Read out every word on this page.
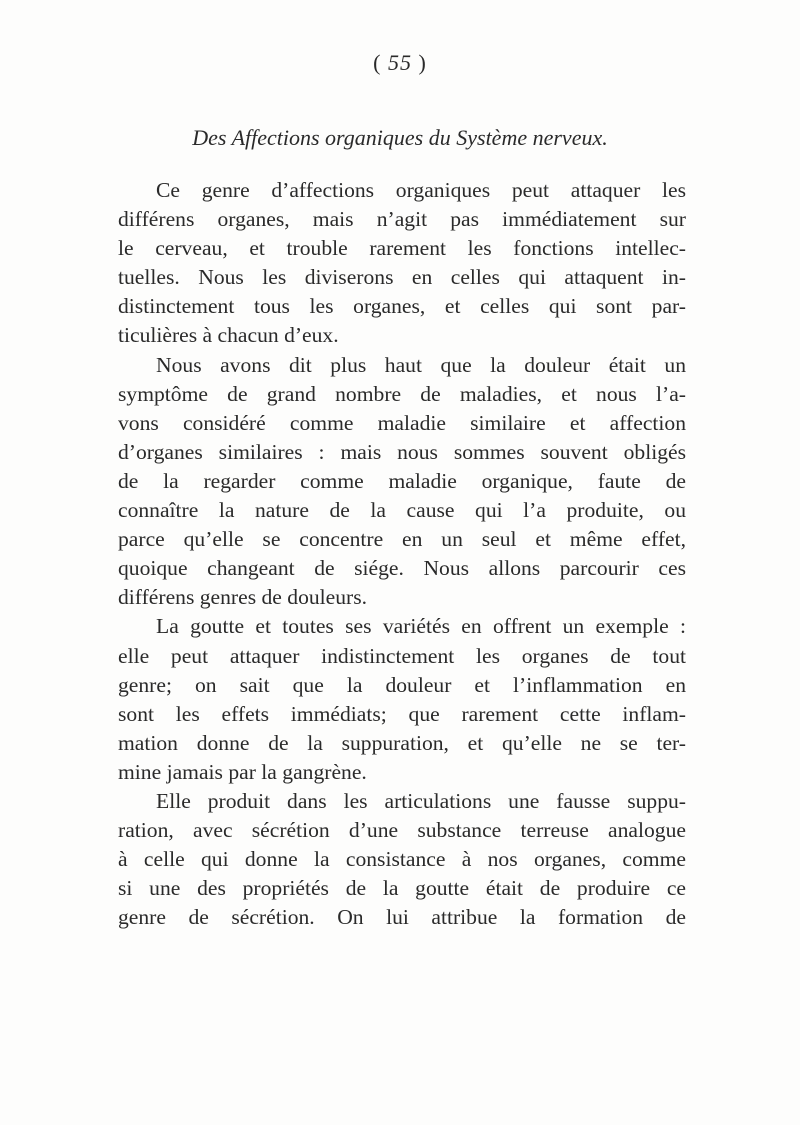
( 55 )
Des Affections organiques du Système nerveux.

Ce genre d’affections organiques peut attaquer les
différens organes, mais n’agit pas immédiatement sur
le cerveau, et trouble rarement les fonctions intellec-
tuelles. Nous les diviserons en celles qui attaquent in-
distinctement tous les organes, et celles qui sont par-
ticulières à chacun d’eux.

Nous avons dit plus haut que la douleur était un
symptôme de grand nombre de maladies, et nous l’a-
vons considéré comme maladie similaire et affection
d’organes similaires : mais nous sommes souvent obligés
de la regarder comme maladie organique, faute de
connaître la nature de la cause qui l’a produite, ou
parce qu’elle se concentre en un seul et même effet,
quoique changeant de siége. Nous allons parcourir ces
différens genres de douleurs.

La goutte et toutes ses variétés en offrent un exemple :
elle peut attaquer indistinctement les organes de tout
genre; on sait que la douleur et l’inflammation en
sont les effets immédiats; que rarement cette inflam-
mation donne de la suppuration, et qu’elle ne se ter-
mine jamais par la gangrène.

Elle produit dans les articulations une fausse suppu-
ration, avec sécrétion d’une substance terreuse analogue
à celle qui donne la consistance à nos organes, comme
si une des propriétés de la goutte était de produire ce
genre de sécrétion. On lui attribue la formation de
